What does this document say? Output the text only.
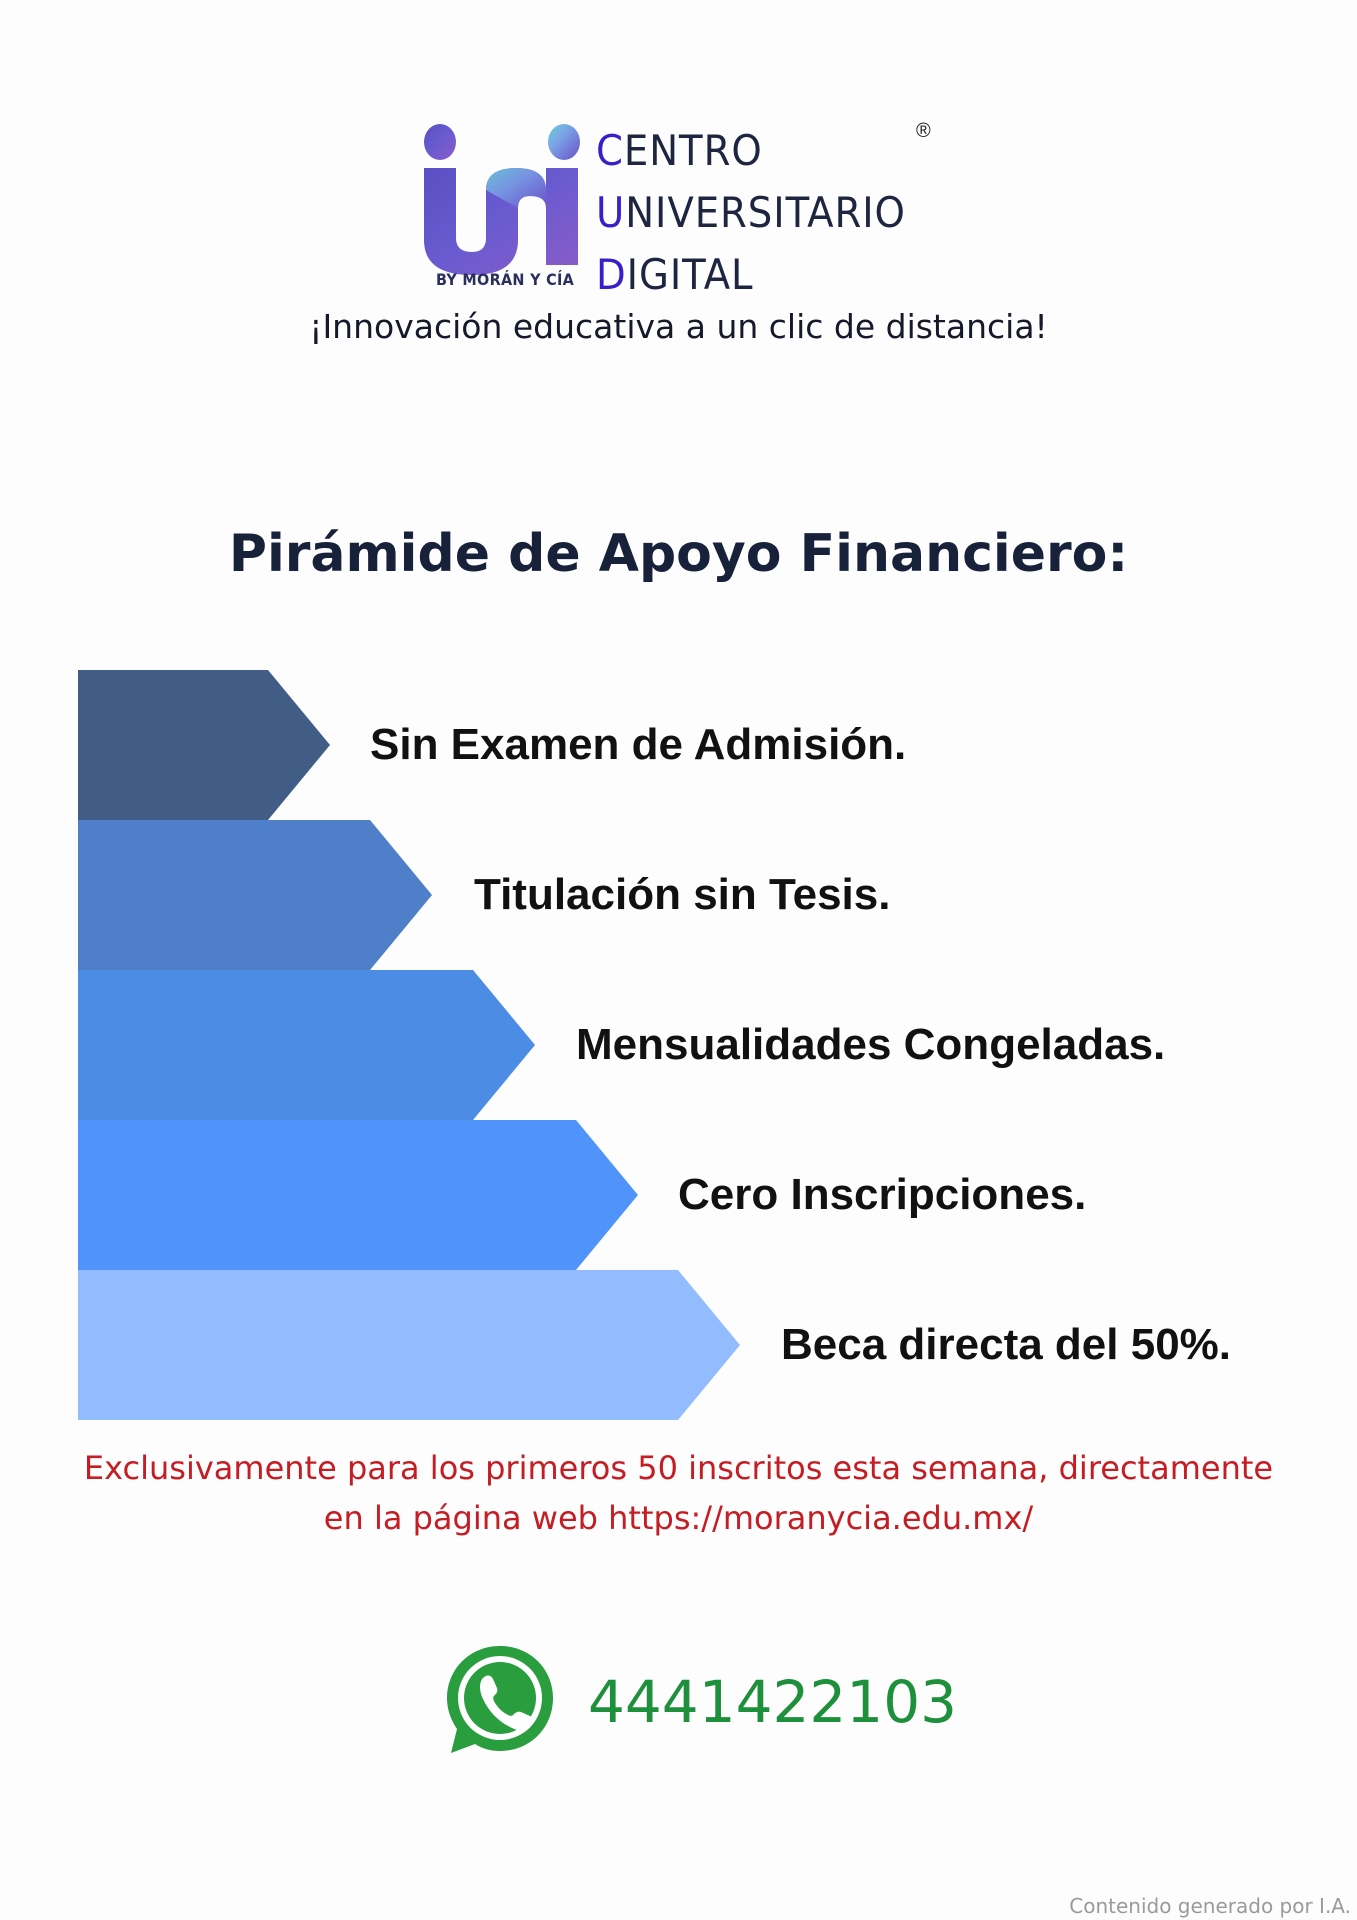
BY MORÁN Y CÍA
CENTRO
UNIVERSITARIO
DIGITAL
®
¡Innovación educativa a un clic de distancia!
Pirámide de Apoyo Financiero:
Sin Examen de Admisión.
Titulación sin Tesis.
Mensualidades Congeladas.
Cero Inscripciones.
Beca directa del 50%.
Exclusivamente para los primeros 50 inscritos esta semana, directamente
en la página web https://moranycia.edu.mx/
4441422103
Contenido generado por I.A.
